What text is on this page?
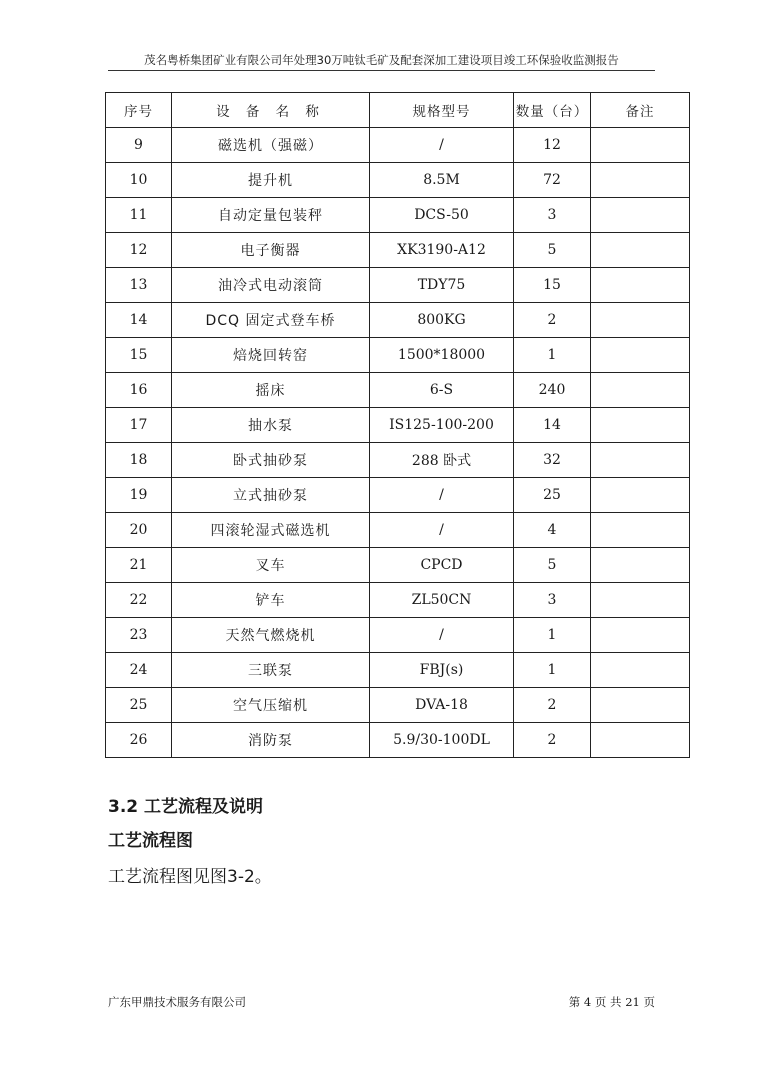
茂名粤桥集团矿业有限公司年处理30万吨钛毛矿及配套深加工建设项目竣工环保验收监测报告
序号	设 备 名 称	规格型号	数量（台）	备注
9	磁选机（强磁）	/	12	
10	提升机	8.5M	72	
11	自动定量包装秤	DCS-50	3	
12	电子衡器	XK3190-A12	5	
13	油冷式电动滚筒	TDY75	15	
14	DCQ 固定式登车桥	800KG	2	
15	焙烧回转窑	1500*18000	1	
16	摇床	6-S	240	
17	抽水泵	IS125-100-200	14	
18	卧式抽砂泵	288 卧式	32	
19	立式抽砂泵	/	25	
20	四滚轮湿式磁选机	/	4	
21	叉车	CPCD	5	
22	铲车	ZL50CN	3	
23	天然气燃烧机	/	1	
24	三联泵	FBJ(s)	1	
25	空气压缩机	DVA-18	2	
26	消防泵	5.9/30-100DL	2	
3.2 工艺流程及说明
工艺流程图
工艺流程图见图3-2。
广东甲鼎技术服务有限公司	第 4 页 共 21 页
